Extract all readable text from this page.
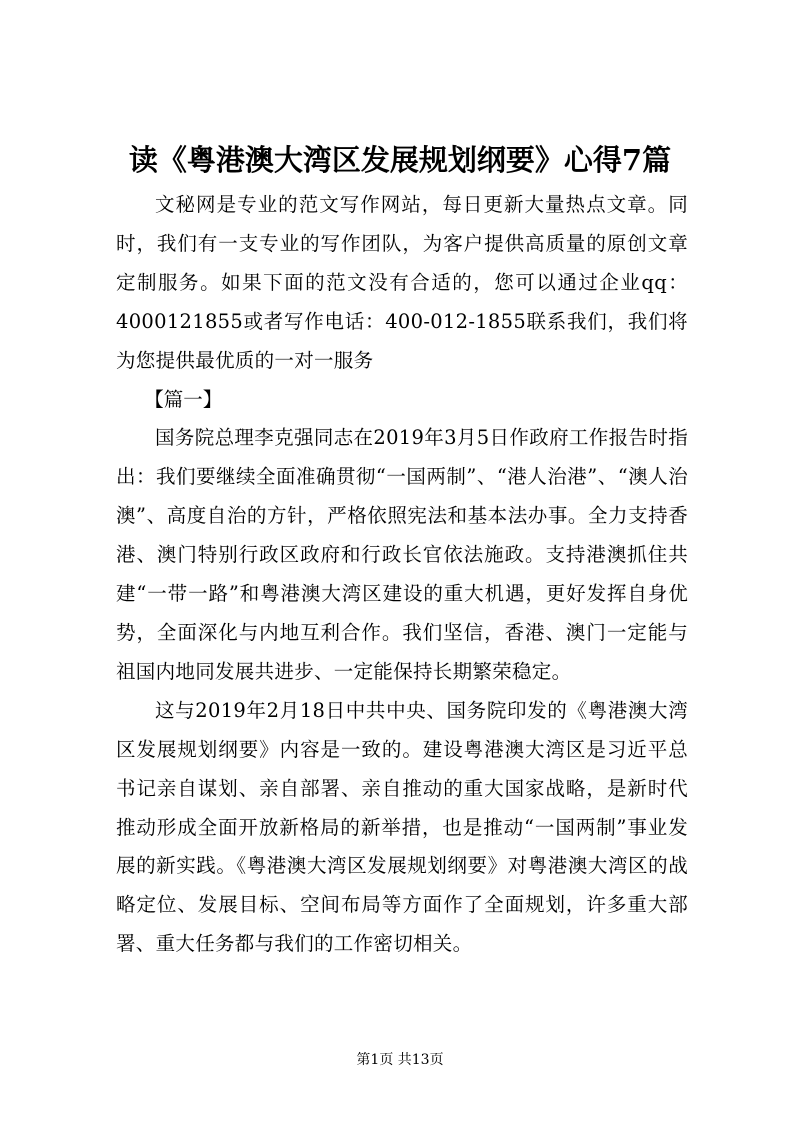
读《粤港澳大湾区发展规划纲要》心得7篇

文秘网是专业的范文写作网站，每日更新大量热点文章。同时，我们有一支专业的写作团队，为客户提供高质量的原创文章定制服务。如果下面的范文没有合适的，您可以通过企业qq：4000121855或者写作电话：400-012-1855联系我们，我们将为您提供最优质的一对一服务

【篇一】

国务院总理李克强同志在2019年3月5日作政府工作报告时指出：我们要继续全面准确贯彻“一国两制”、“港人治港”、“澳人治澳”、高度自治的方针，严格依照宪法和基本法办事。全力支持香港、澳门特别行政区政府和行政长官依法施政。支持港澳抓住共建“一带一路”和粤港澳大湾区建设的重大机遇，更好发挥自身优势，全面深化与内地互利合作。我们坚信，香港、澳门一定能与祖国内地同发展共进步、一定能保持长期繁荣稳定。

这与2019年2月18日中共中央、国务院印发的《粤港澳大湾区发展规划纲要》内容是一致的。建设粤港澳大湾区是习近平总书记亲自谋划、亲自部署、亲自推动的重大国家战略，是新时代推动形成全面开放新格局的新举措，也是推动“一国两制”事业发展的新实践。《粤港澳大湾区发展规划纲要》对粤港澳大湾区的战略定位、发展目标、空间布局等方面作了全面规划，许多重大部署、重大任务都与我们的工作密切相关。

第1页 共13页
